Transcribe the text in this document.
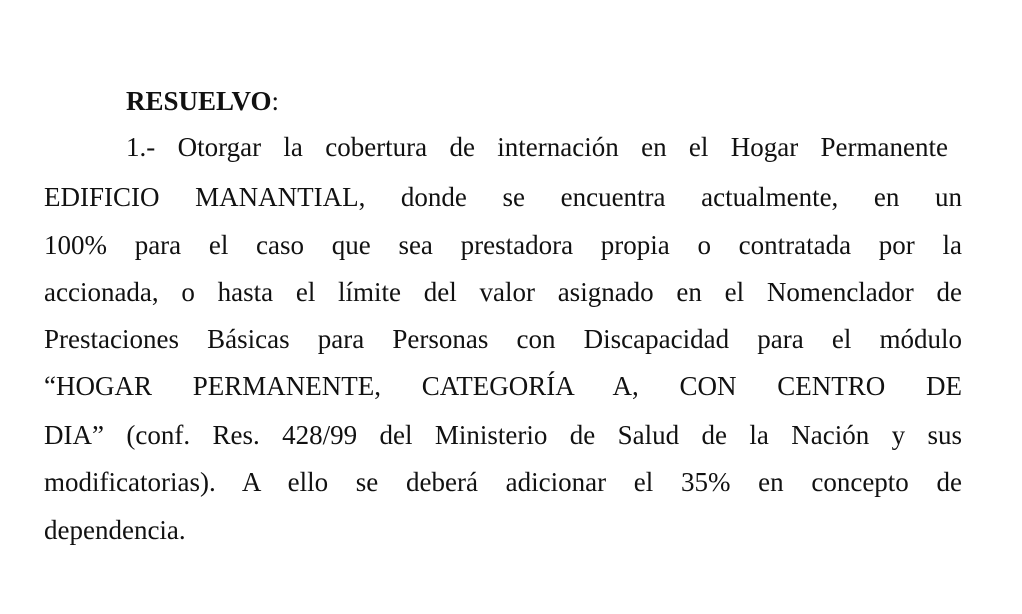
RESUELVO:
1.- Otorgar la cobertura de internación en el Hogar Permanente
EDIFICIO MANANTIAL, donde se encuentra actualmente, en un
100% para el caso que sea prestadora propia o contratada por la
accionada, o hasta el límite del valor asignado en el Nomenclador de
Prestaciones Básicas para Personas con Discapacidad para el módulo
“HOGAR PERMANENTE, CATEGORÍA A, CON CENTRO DE
DIA” (conf. Res. 428/99 del Ministerio de Salud de la Nación y sus
modificatorias). A ello se deberá adicionar el 35% en concepto de
dependencia.
